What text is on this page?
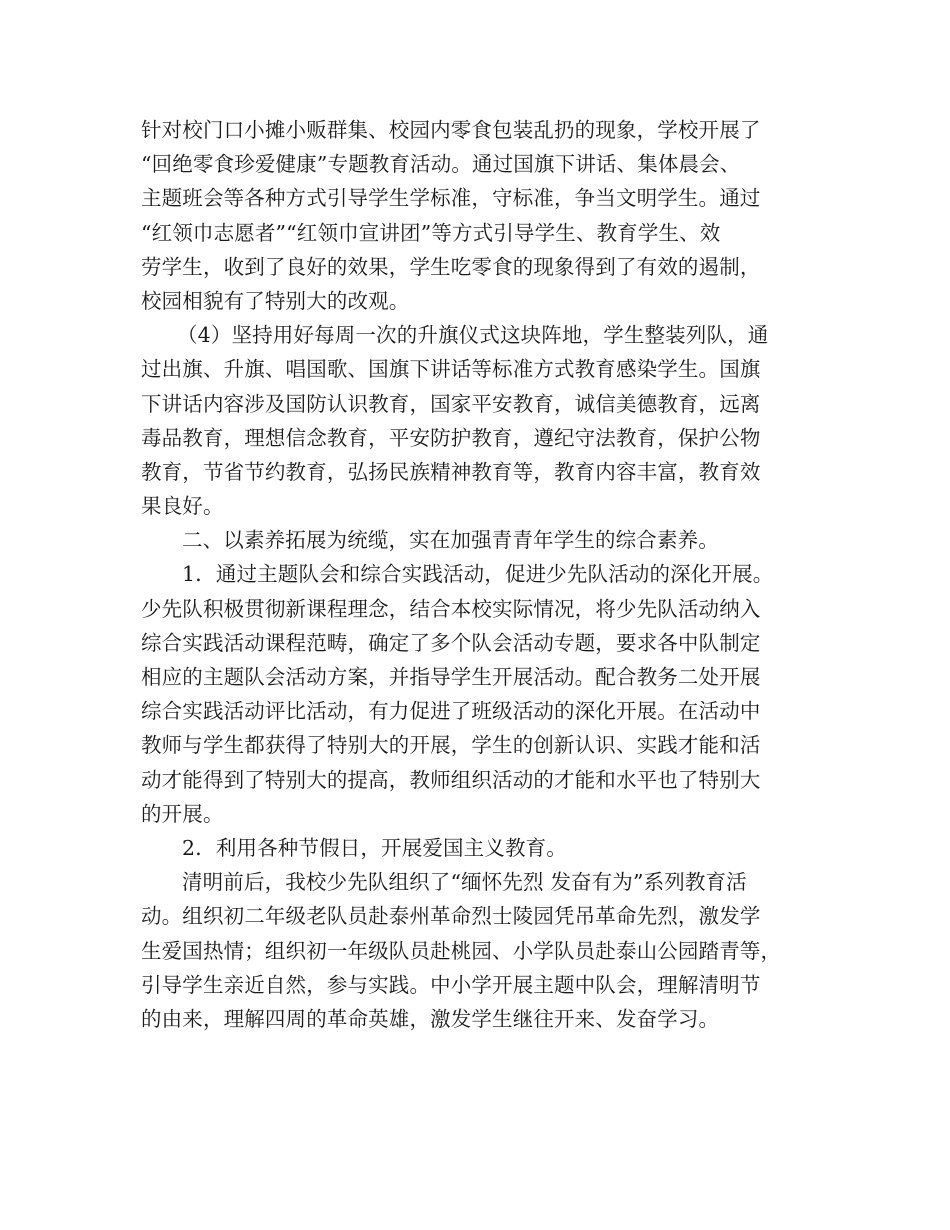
针对校门口小摊小贩群集、校园内零食包装乱扔的现象，学校开展了
“回绝零食珍爱健康”专题教育活动。通过国旗下讲话、集体晨会、
主题班会等各种方式引导学生学标准，守标准，争当文明学生。通过
“红领巾志愿者”“红领巾宣讲团”等方式引导学生、教育学生、效
劳学生，收到了良好的效果，学生吃零食的现象得到了有效的遏制，
校园相貌有了特别大的改观。
（4）坚持用好每周一次的升旗仪式这块阵地，学生整装列队，通
过出旗、升旗、唱国歌、国旗下讲话等标准方式教育感染学生。国旗
下讲话内容涉及国防认识教育，国家平安教育，诚信美德教育，远离
毒品教育，理想信念教育，平安防护教育，遵纪守法教育，保护公物
教育，节省节约教育，弘扬民族精神教育等，教育内容丰富，教育效
果良好。
二、以素养拓展为统缆，实在加强青青年学生的综合素养。
1．通过主题队会和综合实践活动，促进少先队活动的深化开展。
少先队积极贯彻新课程理念，结合本校实际情况，将少先队活动纳入
综合实践活动课程范畴，确定了多个队会活动专题，要求各中队制定
相应的主题队会活动方案，并指导学生开展活动。配合教务二处开展
综合实践活动评比活动，有力促进了班级活动的深化开展。在活动中
教师与学生都获得了特别大的开展，学生的创新认识、实践才能和活
动才能得到了特别大的提高，教师组织活动的才能和水平也了特别大
的开展。
2．利用各种节假日，开展爱国主义教育。
清明前后，我校少先队组织了“缅怀先烈 发奋有为”系列教育活
动。组织初二年级老队员赴泰州革命烈士陵园凭吊革命先烈，激发学
生爱国热情；组织初一年级队员赴桃园、小学队员赴泰山公园踏青等，
引导学生亲近自然，参与实践。中小学开展主题中队会，理解清明节
的由来，理解四周的革命英雄，激发学生继往开来、发奋学习。
